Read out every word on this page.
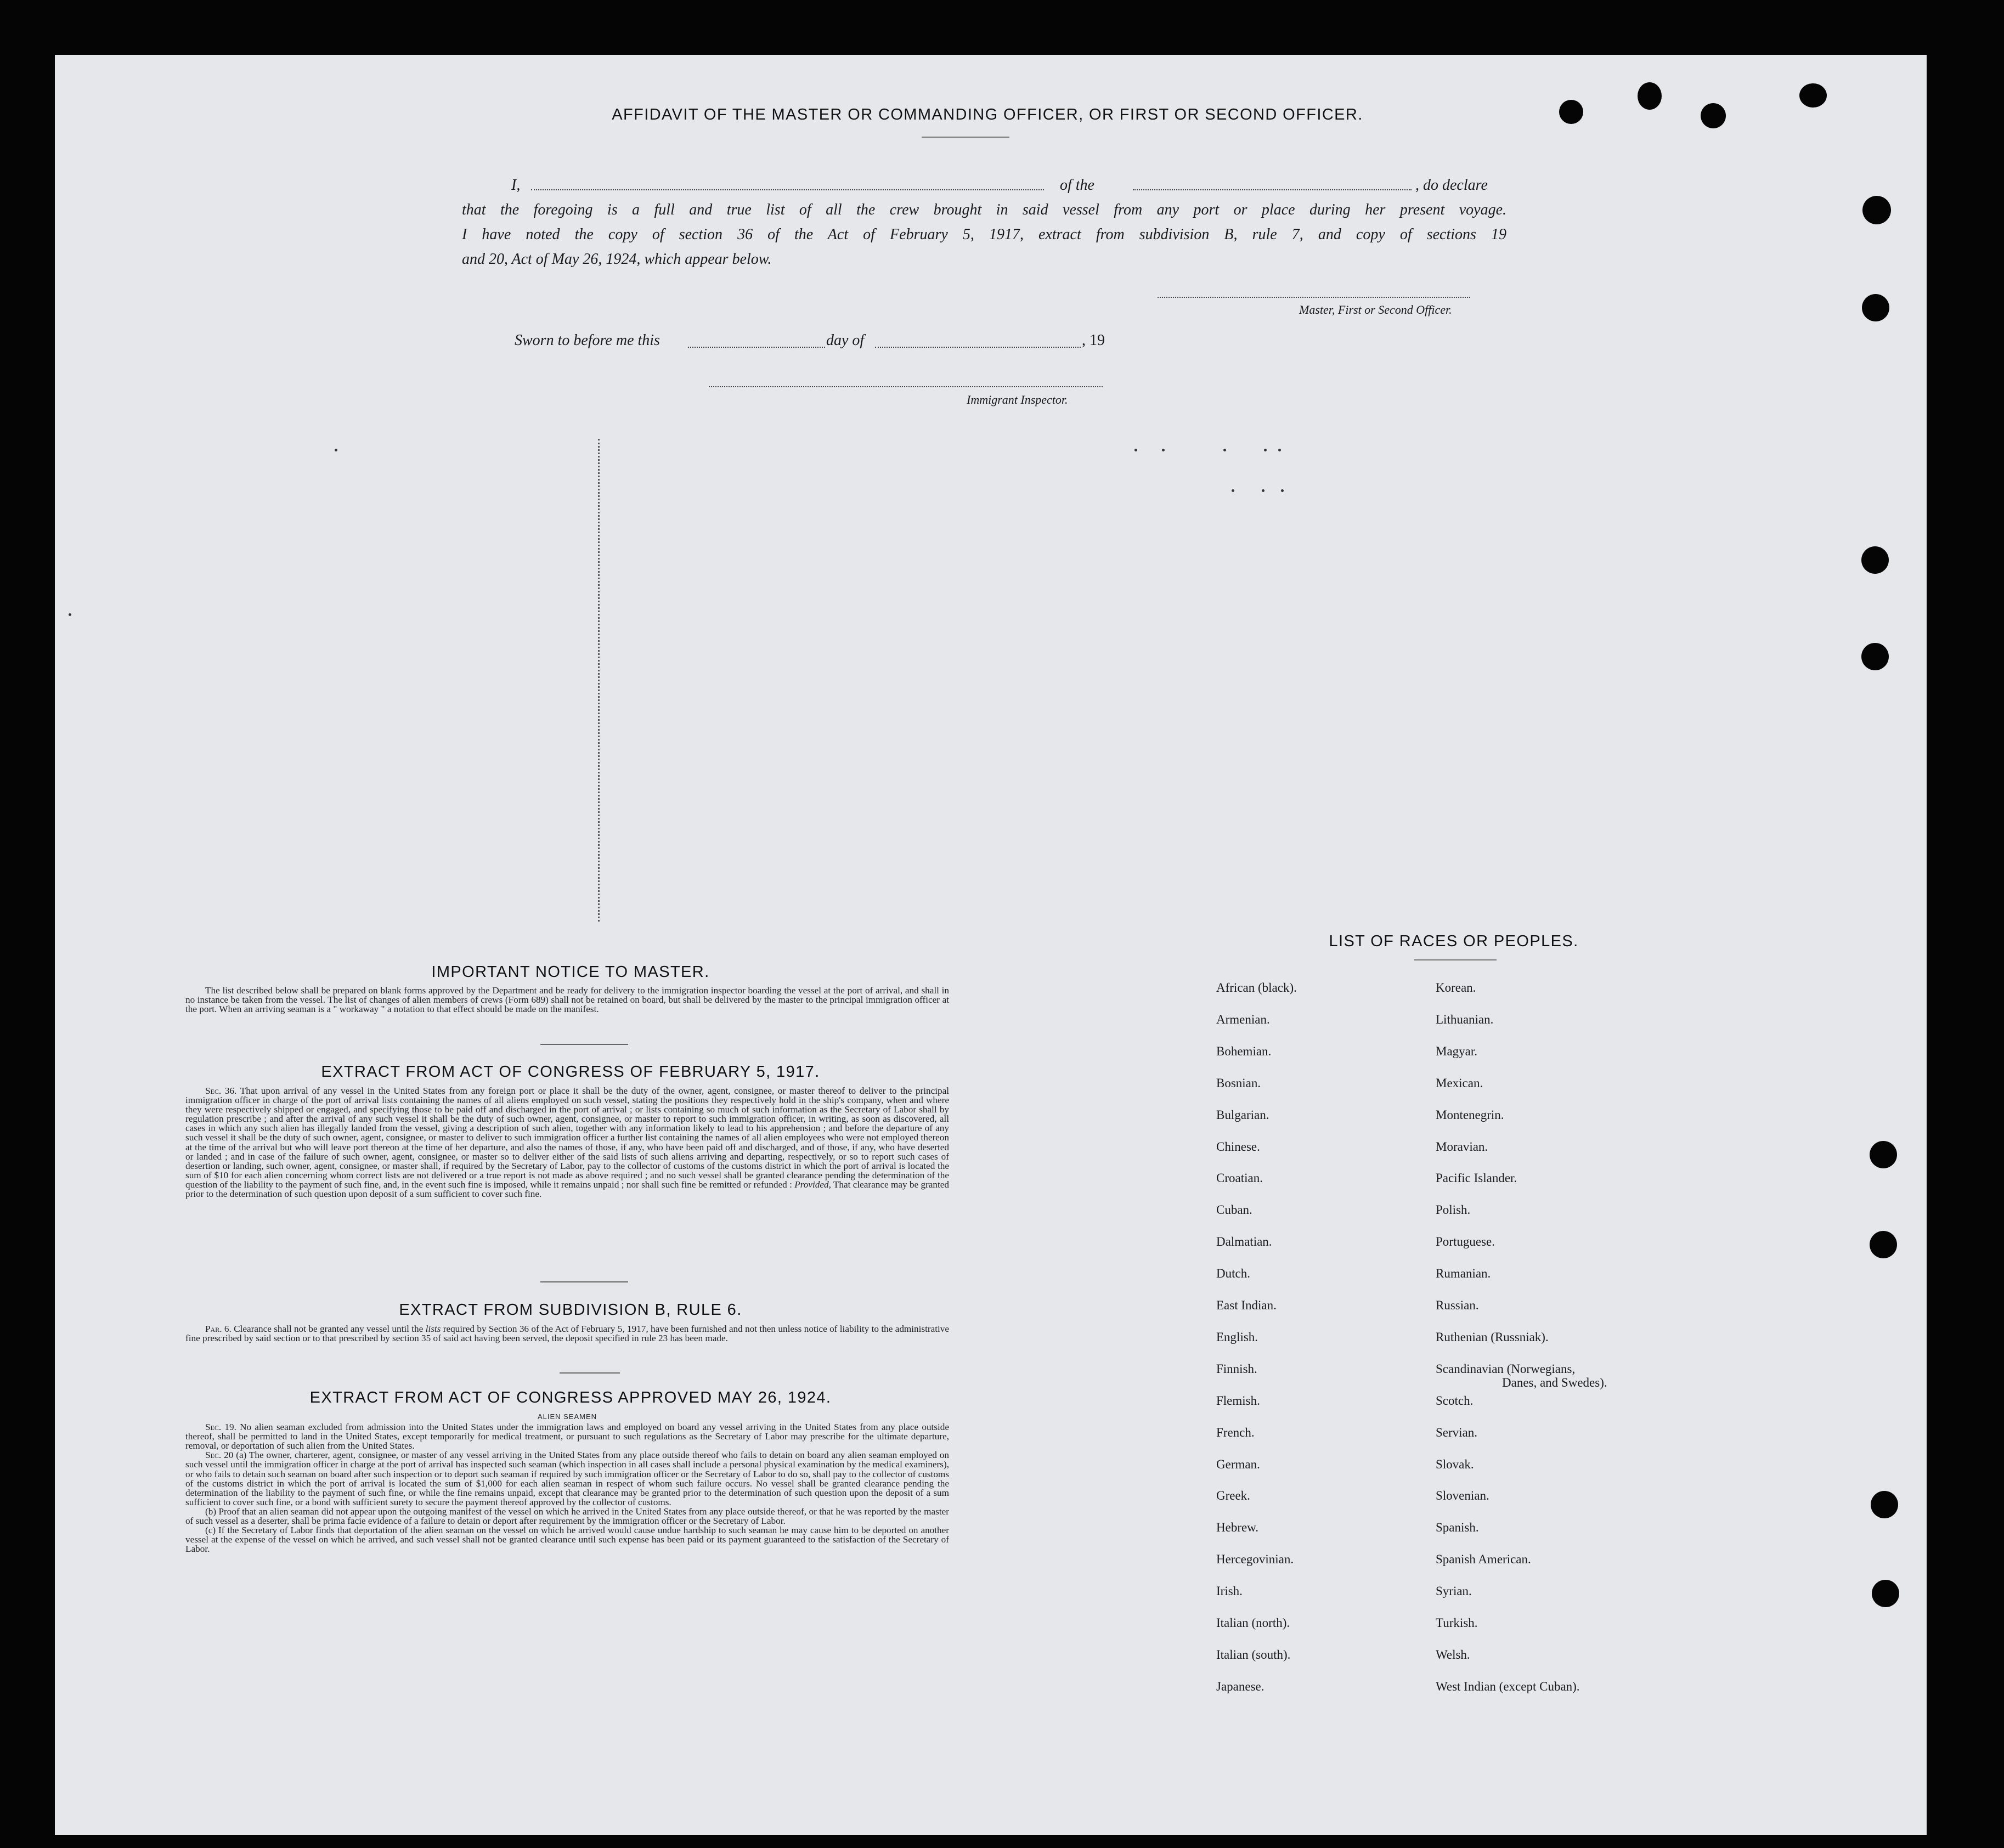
AFFIDAVIT OF THE MASTER OR COMMANDING OFFICER, OR FIRST OR SECOND OFFICER.
I,	of the	, do declare
that the foregoing is a full and true list of all the crew brought in said vessel from any port or place during her present voyage.
I have noted the copy of section 36 of the Act of February 5, 1917, extract from subdivision B, rule 7, and copy of sections 19
and 20, Act of May 26, 1924, which appear below.
Master, First or Second Officer.
Sworn to before me this	day of	, 19
Immigrant Inspector.
IMPORTANT NOTICE TO MASTER.

The list described below shall be prepared on blank forms approved by the Department and be ready for delivery to the immigration inspector boarding the vessel at the port of arrival, and shall in no instance be taken from the vessel. The list of changes of alien members of crews (Form 689) shall not be retained on board, but shall be delivered by the master to the principal immigration officer at the port. When an arriving seaman is a " workaway " a notation to that effect should be made on the manifest.

EXTRACT FROM ACT OF CONGRESS OF FEBRUARY 5, 1917.

Sec. 36. That upon arrival of any vessel in the United States from any foreign port or place it shall be the duty of the owner, agent, consignee, or master thereof to deliver to the principal immigration officer in charge of the port of arrival lists containing the names of all aliens employed on such vessel, stating the positions they respectively hold in the ship's company, when and where they were respectively shipped or engaged, and specifying those to be paid off and discharged in the port of arrival ; or lists containing so much of such information as the Secretary of Labor shall by regulation prescribe ; and after the arrival of any such vessel it shall be the duty of such owner, agent, consignee, or master to report to such immigration officer, in writing, as soon as discovered, all cases in which any such alien has illegally landed from the vessel, giving a description of such alien, together with any information likely to lead to his apprehension ; and before the departure of any such vessel it shall be the duty of such owner, agent, consignee, or master to deliver to such immigration officer a further list containing the names of all alien employees who were not employed thereon at the time of the arrival but who will leave port thereon at the time of her departure, and also the names of those, if any, who have been paid off and discharged, and of those, if any, who have deserted or landed ; and in case of the failure of such owner, agent, consignee, or master so to deliver either of the said lists of such aliens arriving and departing, respectively, or so to report such cases of desertion or landing, such owner, agent, consignee, or master shall, if required by the Secretary of Labor, pay to the collector of customs of the customs district in which the port of arrival is located the sum of $10 for each alien concerning whom correct lists are not delivered or a true report is not made as above required ; and no such vessel shall be granted clearance pending the determination of the question of the liability to the payment of such fine, and, in the event such fine is imposed, while it remains unpaid ; nor shall such fine be remitted or refunded : Provided, That clearance may be granted prior to the determination of such question upon deposit of a sum sufficient to cover such fine.

EXTRACT FROM SUBDIVISION B, RULE 6.

Par. 6. Clearance shall not be granted any vessel until the lists required by Section 36 of the Act of February 5, 1917, have been furnished and not then unless notice of liability to the administrative fine prescribed by said section or to that prescribed by section 35 of said act having been served, the deposit specified in rule 23 has been made.

EXTRACT FROM ACT OF CONGRESS APPROVED MAY 26, 1924.
ALIEN SEAMEN

Sec. 19. No alien seaman excluded from admission into the United States under the immigration laws and employed on board any vessel arriving in the United States from any place outside thereof, shall be permitted to land in the United States, except temporarily for medical treatment, or pursuant to such regulations as the Secretary of Labor may prescribe for the ultimate departure, removal, or deportation of such alien from the United States.

Sec. 20 (a) The owner, charterer, agent, consignee, or master of any vessel arriving in the United States from any place outside thereof who fails to detain on board any alien seaman employed on such vessel until the immigration officer in charge at the port of arrival has inspected such seaman (which inspection in all cases shall include a personal physical examination by the medical examiners), or who fails to detain such seaman on board after such inspection or to deport such seaman if required by such immigration officer or the Secretary of Labor to do so, shall pay to the collector of customs of the customs district in which the port of arrival is located the sum of $1,000 for each alien seaman in respect of whom such failure occurs. No vessel shall be granted clearance pending the determination of the liability to the payment of such fine, or while the fine remains unpaid, except that clearance may be granted prior to the determination of such question upon the deposit of a sum sufficient to cover such fine, or a bond with sufficient surety to secure the payment thereof approved by the collector of customs.

(b) Proof that an alien seaman did not appear upon the outgoing manifest of the vessel on which he arrived in the United States from any place outside thereof, or that he was reported by the master of such vessel as a deserter, shall be prima facie evidence of a failure to detain or deport after requirement by the immigration officer or the Secretary of Labor.

(c) If the Secretary of Labor finds that deportation of the alien seaman on the vessel on which he arrived would cause undue hardship to such seaman he may cause him to be deported on another vessel at the expense of the vessel on which he arrived, and such vessel shall not be granted clearance until such expense has been paid or its payment guaranteed to the satisfaction of the Secretary of Labor.

LIST OF RACES OR PEOPLES.
African (black).
Armenian.
Bohemian.
Bosnian.
Bulgarian.
Chinese.
Croatian.
Cuban.
Dalmatian.
Dutch.
East Indian.
English.
Finnish.
Flemish.
French.
German.
Greek.
Hebrew.
Hercegovinian.
Irish.
Italian (north).
Italian (south).
Japanese.
Korean.
Lithuanian.
Magyar.
Mexican.
Montenegrin.
Moravian.
Pacific Islander.
Polish.
Portuguese.
Rumanian.
Russian.
Ruthenian (Russniak).
Scandinavian (Norwegians,
Danes, and Swedes).
Scotch.
Servian.
Slovak.
Slovenian.
Spanish.
Spanish American.
Syrian.
Turkish.
Welsh.
West Indian (except Cuban).
